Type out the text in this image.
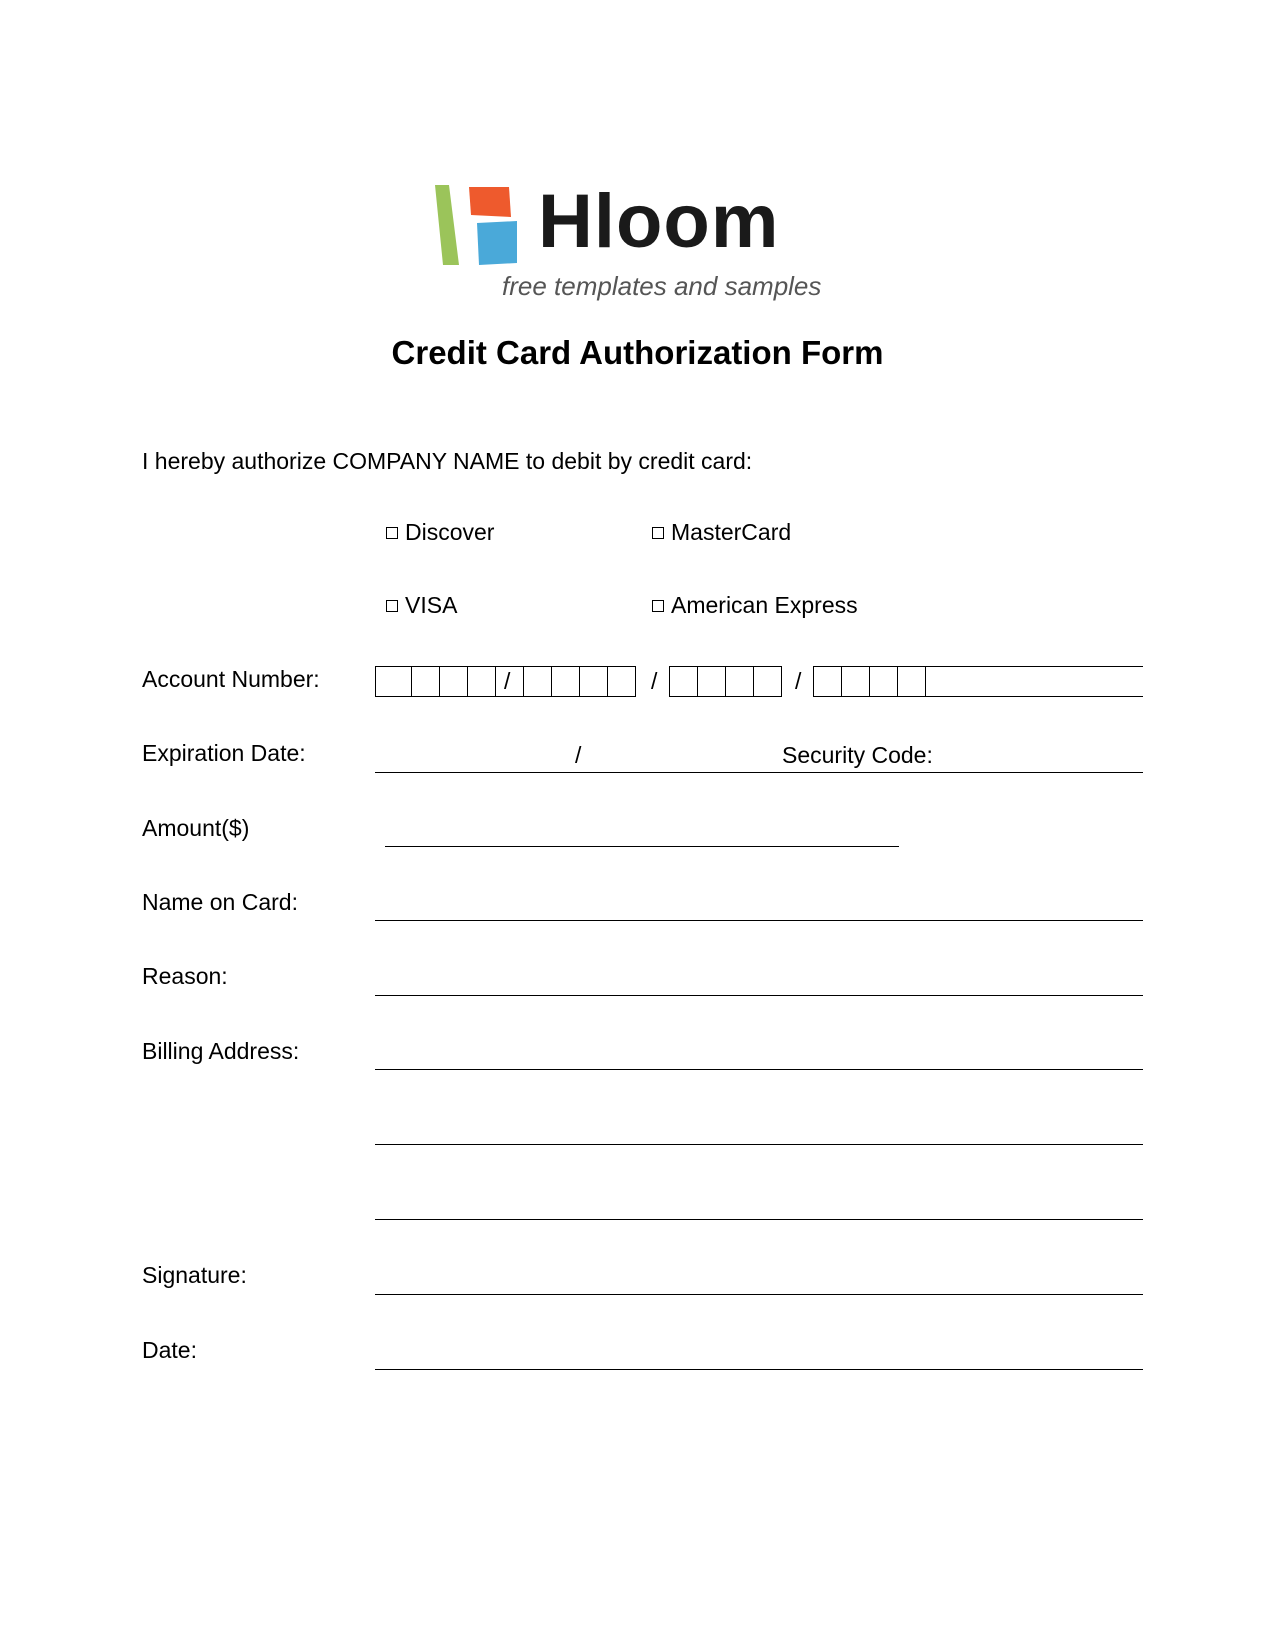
Hloom
free templates and samples
Credit Card Authorization Form
I hereby authorize COMPANY NAME to debit by credit card:
Discover	MasterCard
VISA	American Express
Account Number:	/	/	/
Expiration Date:	/	Security Code:
Amount($)
Name on Card:
Reason:
Billing Address:
Signature:
Date:
